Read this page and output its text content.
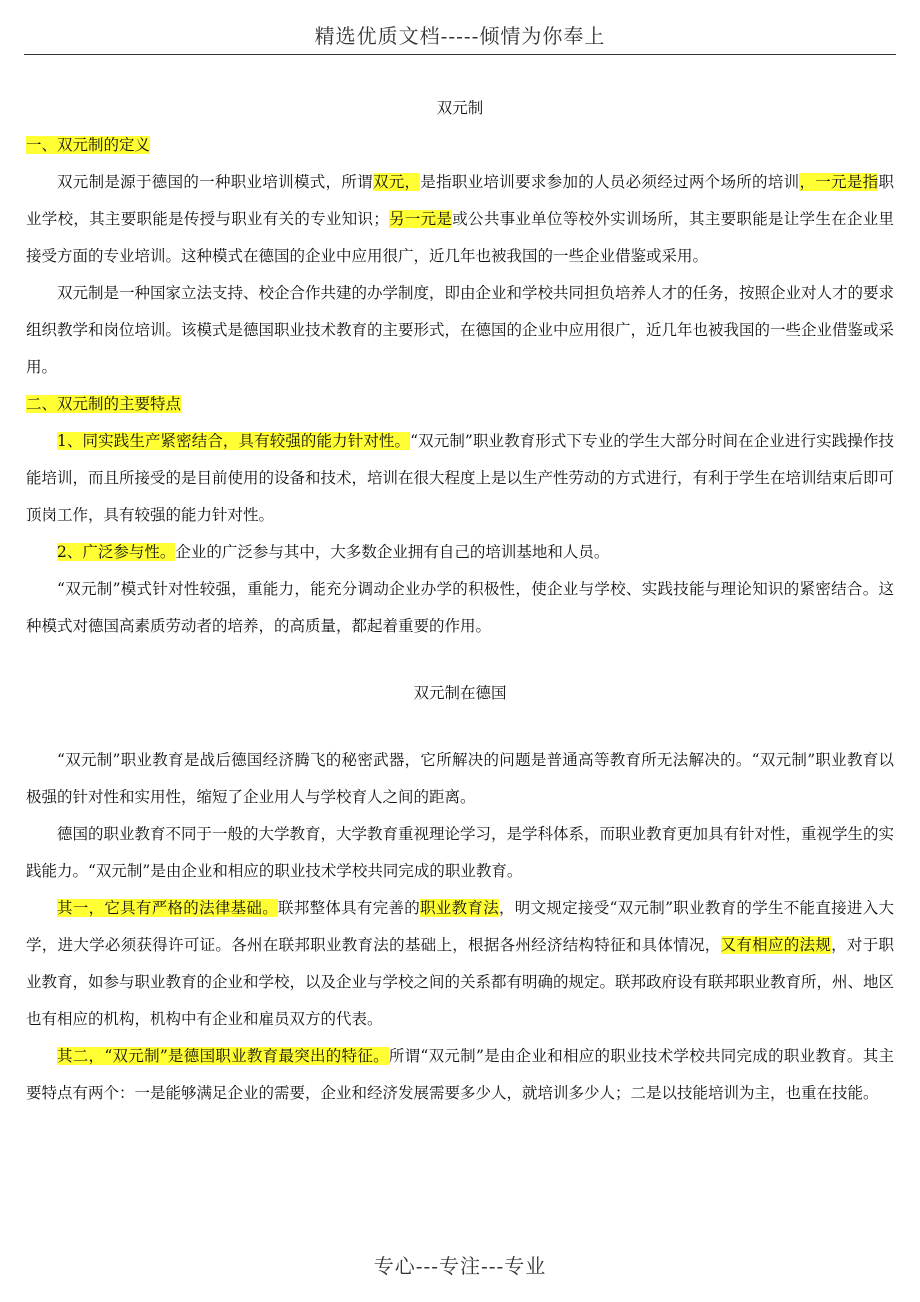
精选优质文档-----倾情为你奉上

双元制

一、双元制的定义

双元制是源于德国的一种职业培训模式，所谓双元，是指职业培训要求参加的人员必须经过两个场所的培训，一元是指职业学校，其主要职能是传授与职业有关的专业知识；另一元是或公共事业单位等校外实训场所，其主要职能是让学生在企业里接受方面的专业培训。这种模式在德国的企业中应用很广，近几年也被我国的一些企业借鉴或采用。

双元制是一种国家立法支持、校企合作共建的办学制度，即由企业和学校共同担负培养人才的任务，按照企业对人才的要求组织教学和岗位培训。该模式是德国职业技术教育的主要形式，在德国的企业中应用很广，近几年也被我国的一些企业借鉴或采用。

二、双元制的主要特点

1、同实践生产紧密结合，具有较强的能力针对性。“双元制”职业教育形式下专业的学生大部分时间在企业进行实践操作技能培训，而且所接受的是目前使用的设备和技术，培训在很大程度上是以生产性劳动的方式进行，有利于学生在培训结束后即可顶岗工作，具有较强的能力针对性。

2、广泛参与性。企业的广泛参与其中，大多数企业拥有自己的培训基地和人员。

“双元制”模式针对性较强，重能力，能充分调动企业办学的积极性，使企业与学校、实践技能与理论知识的紧密结合。这种模式对德国高素质劳动者的培养，的高质量，都起着重要的作用。

双元制在德国

“双元制”职业教育是战后德国经济腾飞的秘密武器，它所解决的问题是普通高等教育所无法解决的。“双元制”职业教育以极强的针对性和实用性，缩短了企业用人与学校育人之间的距离。

德国的职业教育不同于一般的大学教育，大学教育重视理论学习，是学科体系，而职业教育更加具有针对性，重视学生的实践能力。“双元制”是由企业和相应的职业技术学校共同完成的职业教育。

其一，它具有严格的法律基础。联邦整体具有完善的职业教育法，明文规定接受“双元制”职业教育的学生不能直接进入大学，进大学必须获得许可证。各州在联邦职业教育法的基础上，根据各州经济结构特征和具体情况，又有相应的法规，对于职业教育，如参与职业教育的企业和学校，以及企业与学校之间的关系都有明确的规定。联邦政府设有联邦职业教育所，州、地区也有相应的机构，机构中有企业和雇员双方的代表。

其二，“双元制”是德国职业教育最突出的特征。所谓“双元制”是由企业和相应的职业技术学校共同完成的职业教育。其主要特点有两个：一是能够满足企业的需要，企业和经济发展需要多少人，就培训多少人；二是以技能培训为主，也重在技能。

专心---专注---专业
